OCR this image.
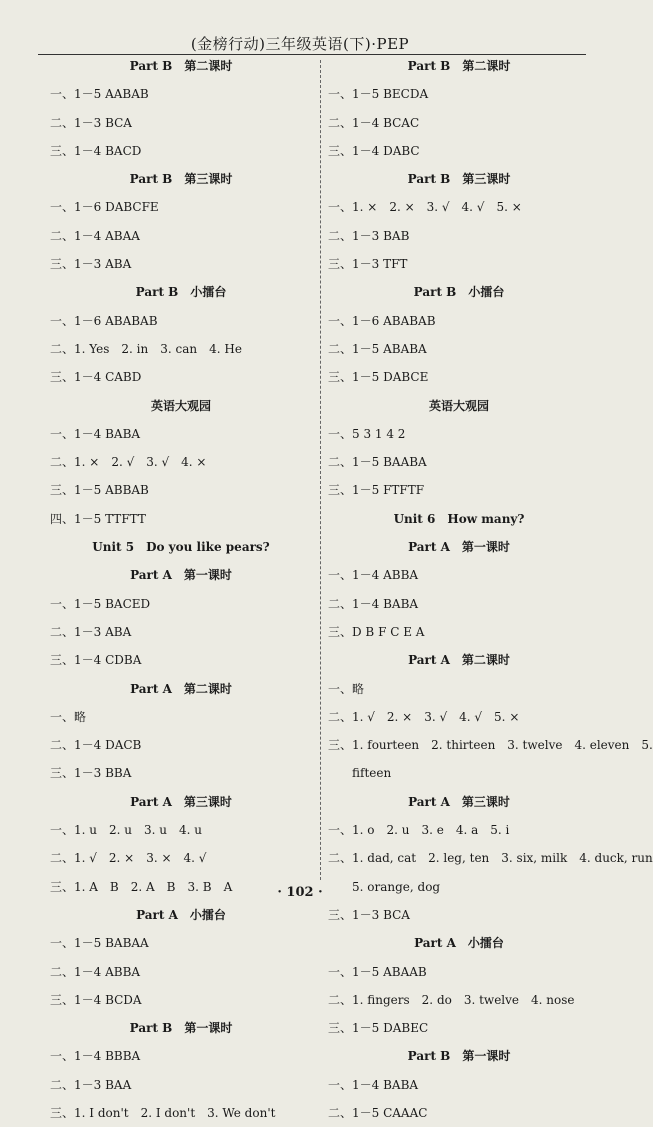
(金榜行动)三年级英语(下)·PEP
Part B　第二课时
一、1－5 AABAB
二、1－3 BCA
三、1－4 BACD
Part B　第三课时
一、1－6 DABCFE
二、1－4 ABAA
三、1－3 ABA
Part B　小擂台
一、1－6 ABABAB
二、1. Yes　2. in　3. can　4. He
三、1－4 CABD
英语大观园
一、1－4 BABA
二、1. ×　2. √　3. √　4. ×
三、1－5 ABBAB
四、1－5 TTFTT
Unit 5　Do you like pears?
Part A　第一课时
一、1－5 BACED
二、1－3 ABA
三、1－4 CDBA
Part A　第二课时
一、略
二、1－4 DACB
三、1－3 BBA
Part A　第三课时
一、1. u　2. u　3. u　4. u
二、1. √　2. ×　3. ×　4. √
三、1. A　B　2. A　B　3. B　A
Part A　小擂台
一、1－5 BABAA
二、1－4 ABBA
三、1－4 BCDA
Part B　第一课时
一、1－4 BBBA
二、1－3 BAA
三、1. I don't　2. I don't　3. We don't
Part B　第二课时
一、1－5 BECDA
二、1－4 BCAC
三、1－4 DABC
Part B　第三课时
一、1. ×　2. ×　3. √　4. √　5. ×
二、1－3 BAB
三、1－3 TFT
Part B　小擂台
一、1－6 ABABAB
二、1－5 ABABA
三、1－5 DABCE
英语大观园
一、5 3 1 4 2
二、1－5 BAABA
三、1－5 FTFTF
Unit 6　How many?
Part A　第一课时
一、1－4 ABBA
二、1－4 BABA
三、D B F C E A
Part A　第二课时
一、略
二、1. √　2. ×　3. √　4. √　5. ×
三、1. fourteen　2. thirteen　3. twelve　4. eleven　5.
　　fifteen
Part A　第三课时
一、1. o　2. u　3. e　4. a　5. i
二、1. dad, cat　2. leg, ten　3. six, milk　4. duck, run
　　5. orange, dog
三、1－3 BCA
Part A　小擂台
一、1－5 ABAAB
二、1. fingers　2. do　3. twelve　4. nose
三、1－5 DABEC
Part B　第一课时
一、1－4 BABA
二、1－5 CAAAC
· 102 ·
